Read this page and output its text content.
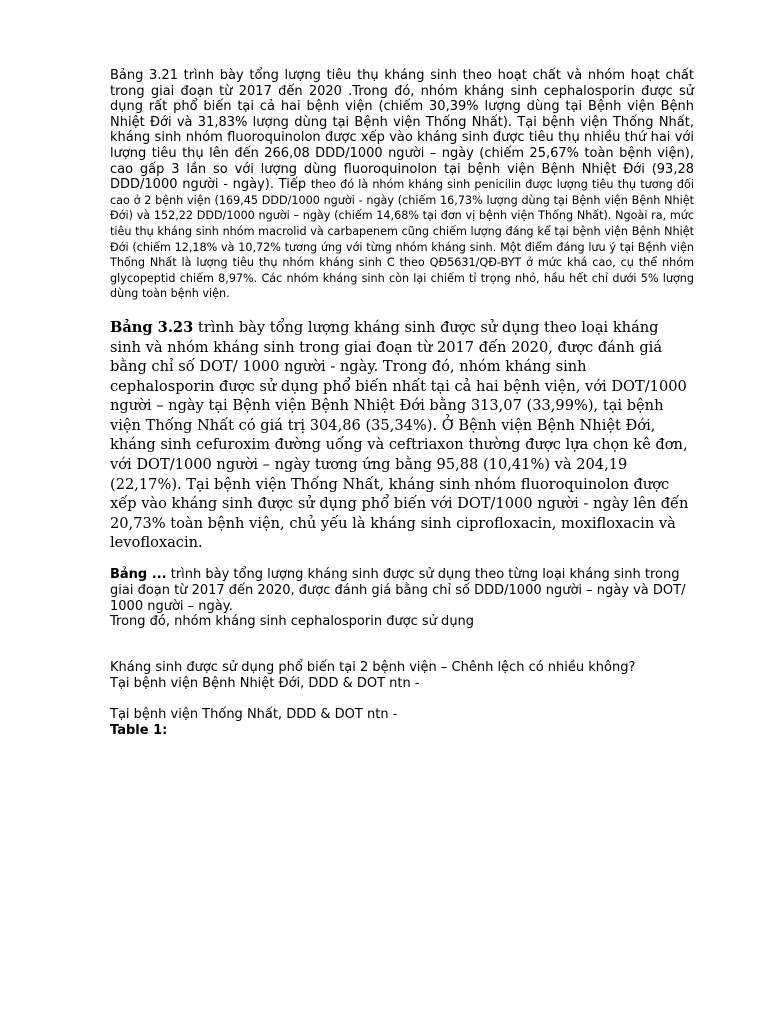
Bảng 3.21 trình bày tổng lượng tiêu thụ kháng sinh theo hoạt chất và nhóm hoạt chất trong giai đoạn từ 2017 đến 2020 .Trong đó, nhóm kháng sinh cephalosporin được sử dụng rất phổ biến tại cả hai bệnh viện (chiếm 30,39% lượng dùng tại Bệnh viện Bệnh Nhiệt Đới và 31,83% lượng dùng tại Bệnh viện Thống Nhất). Tại bệnh viện Thống Nhất, kháng sinh nhóm fluoroquinolon được xếp vào kháng sinh được tiêu thụ nhiều thứ hai với lượng tiêu thụ lên đến 266,08 DDD/1000 người – ngày (chiếm 25,67% toàn bệnh viện), cao gấp 3 lần so với lượng dùng fluoroquinolon tại bệnh viện Bệnh Nhiệt Đới (93,28 DDD/1000 người - ngày). Tiếp theo đó là nhóm kháng sinh penicilin được lượng tiêu thụ tương đối cao ở 2 bệnh viện (169,45 DDD/1000 người - ngày (chiếm 16,73% lượng dùng tại Bệnh viện Bệnh Nhiệt Đới) và 152,22 DDD/1000 người – ngày (chiếm 14,68% tại đơn vị bệnh viện Thống Nhất). Ngoài ra, mức tiêu thụ kháng sinh nhóm macrolid và carbapenem cũng chiếm lượng đáng kể tại bệnh viện Bệnh Nhiệt Đới (chiếm 12,18% và 10,72% tương ứng với từng nhóm kháng sinh. Một điểm đáng lưu ý tại Bệnh viện Thống Nhất là lượng tiêu thụ nhóm kháng sinh C theo QĐ5631/QĐ-BYT ở mức khá cao, cụ thể nhóm glycopeptid chiếm 8,97%. Các nhóm kháng sinh còn lại chiếm tỉ trọng nhỏ, hầu hết chỉ dưới 5% lượng dùng toàn bệnh viện.

Bảng 3.23 trình bày tổng lượng kháng sinh được sử dụng theo loại kháng sinh và nhóm kháng sinh trong giai đoạn từ 2017 đến 2020, được đánh giá bằng chỉ số DOT/ 1000 người - ngày. Trong đó, nhóm kháng sinh cephalosporin được sử dụng phổ biến nhất tại cả hai bệnh viện, với DOT/1000 người – ngày tại Bệnh viện Bệnh Nhiệt Đới bằng 313,07 (33,99%), tại bệnh viện Thống Nhất có giá trị 304,86 (35,34%). Ở Bệnh viện Bệnh Nhiệt Đới, kháng sinh cefuroxim đường uống và ceftriaxon thường được lựa chọn kê đơn, với DOT/1000 người – ngày tương ứng bằng 95,88 (10,41%) và 204,19 (22,17%). Tại bệnh viện Thống Nhất, kháng sinh nhóm fluoroquinolon được xếp vào kháng sinh được sử dụng phổ biến với DOT/1000 người - ngày lên đến 20,73% toàn bệnh viện, chủ yếu là kháng sinh ciprofloxacin, moxifloxacin và levofloxacin.

Bảng ... trình bày tổng lượng kháng sinh được sử dụng theo từng loại kháng sinh trong giai đoạn từ 2017 đến 2020, được đánh giá bằng chỉ số DDD/1000 người – ngày và DOT/ 1000 người – ngày.

Trong đó, nhóm kháng sinh cephalosporin được sử dụng

Kháng sinh được sử dụng phổ biến tại 2 bệnh viện – Chênh lệch có nhiều không?

Tại bệnh viện Bệnh Nhiệt Đới, DDD & DOT ntn -

Tại bệnh viện Thống Nhất, DDD & DOT ntn -

Table 1:
